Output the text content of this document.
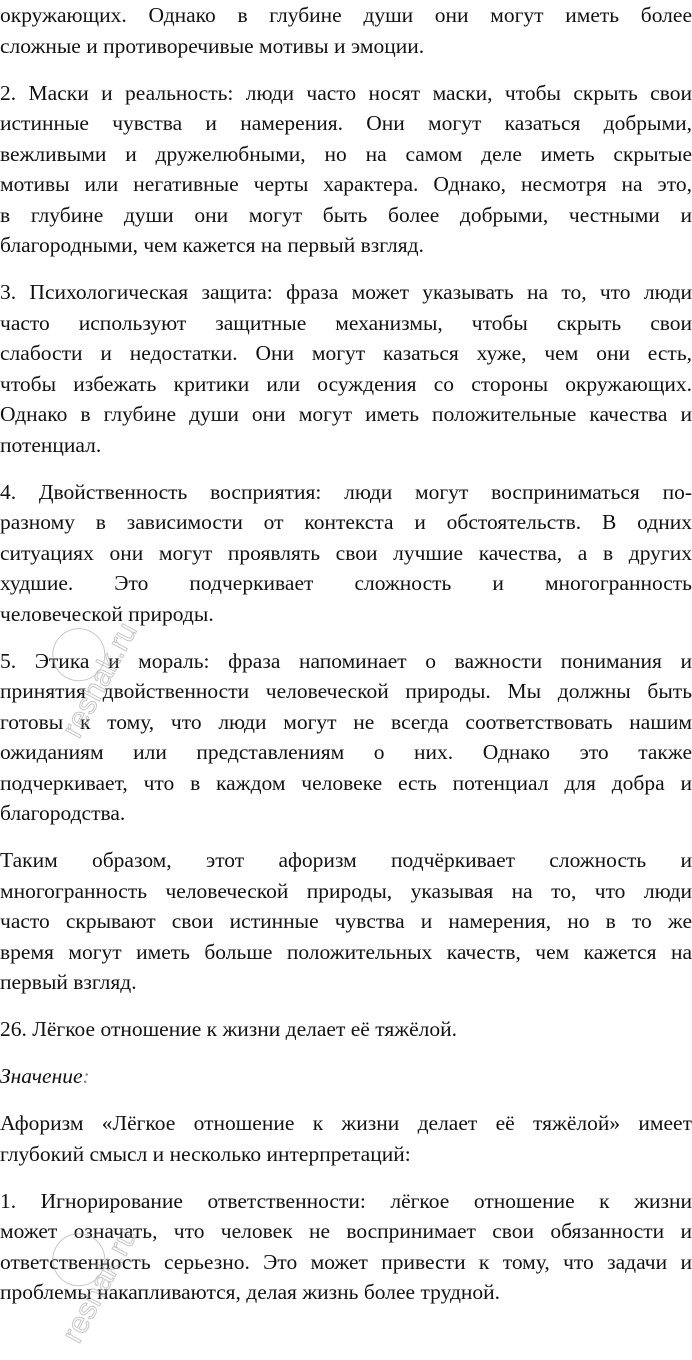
окружающих. Однако в глубине души они могут иметь более
сложные и противоречивые мотивы и эмоции.
2. Маски и реальность: люди часто носят маски, чтобы скрыть свои
истинные чувства и намерения. Они могут казаться добрыми,
вежливыми и дружелюбными, но на самом деле иметь скрытые
мотивы или негативные черты характера. Однако, несмотря на это,
в глубине души они могут быть более добрыми, честными и
благородными, чем кажется на первый взгляд.
3. Психологическая защита: фраза может указывать на то, что люди
часто используют защитные механизмы, чтобы скрыть свои
слабости и недостатки. Они могут казаться хуже, чем они есть,
чтобы избежать критики или осуждения со стороны окружающих.
Однако в глубине души они могут иметь положительные качества и
потенциал.
4. Двойственность восприятия: люди могут восприниматься по-
разному в зависимости от контекста и обстоятельств. В одних
ситуациях они могут проявлять свои лучшие качества, а в других
худшие. Это подчеркивает сложность и многогранность
человеческой природы.
5. Этика и мораль: фраза напоминает о важности понимания и
принятия двойственности человеческой природы. Мы должны быть
готовы к тому, что люди могут не всегда соответствовать нашим
ожиданиям или представлениям о них. Однако это также
подчеркивает, что в каждом человеке есть потенциал для добра и
благородства.
Таким образом, этот афоризм подчёркивает сложность и
многогранность человеческой природы, указывая на то, что люди
часто скрывают свои истинные чувства и намерения, но в то же
время могут иметь больше положительных качеств, чем кажется на
первый взгляд.
26. Лёгкое отношение к жизни делает её тяжёлой.
Значение:
Афоризм «Лёгкое отношение к жизни делает её тяжёлой» имеет
глубокий смысл и несколько интерпретаций:
1. Игнорирование ответственности: лёгкое отношение к жизни
может означать, что человек не воспринимает свои обязанности и
ответственность серьезно. Это может привести к тому, что задачи и
проблемы накапливаются, делая жизнь более трудной.
reshak.ru
reshak.ru
